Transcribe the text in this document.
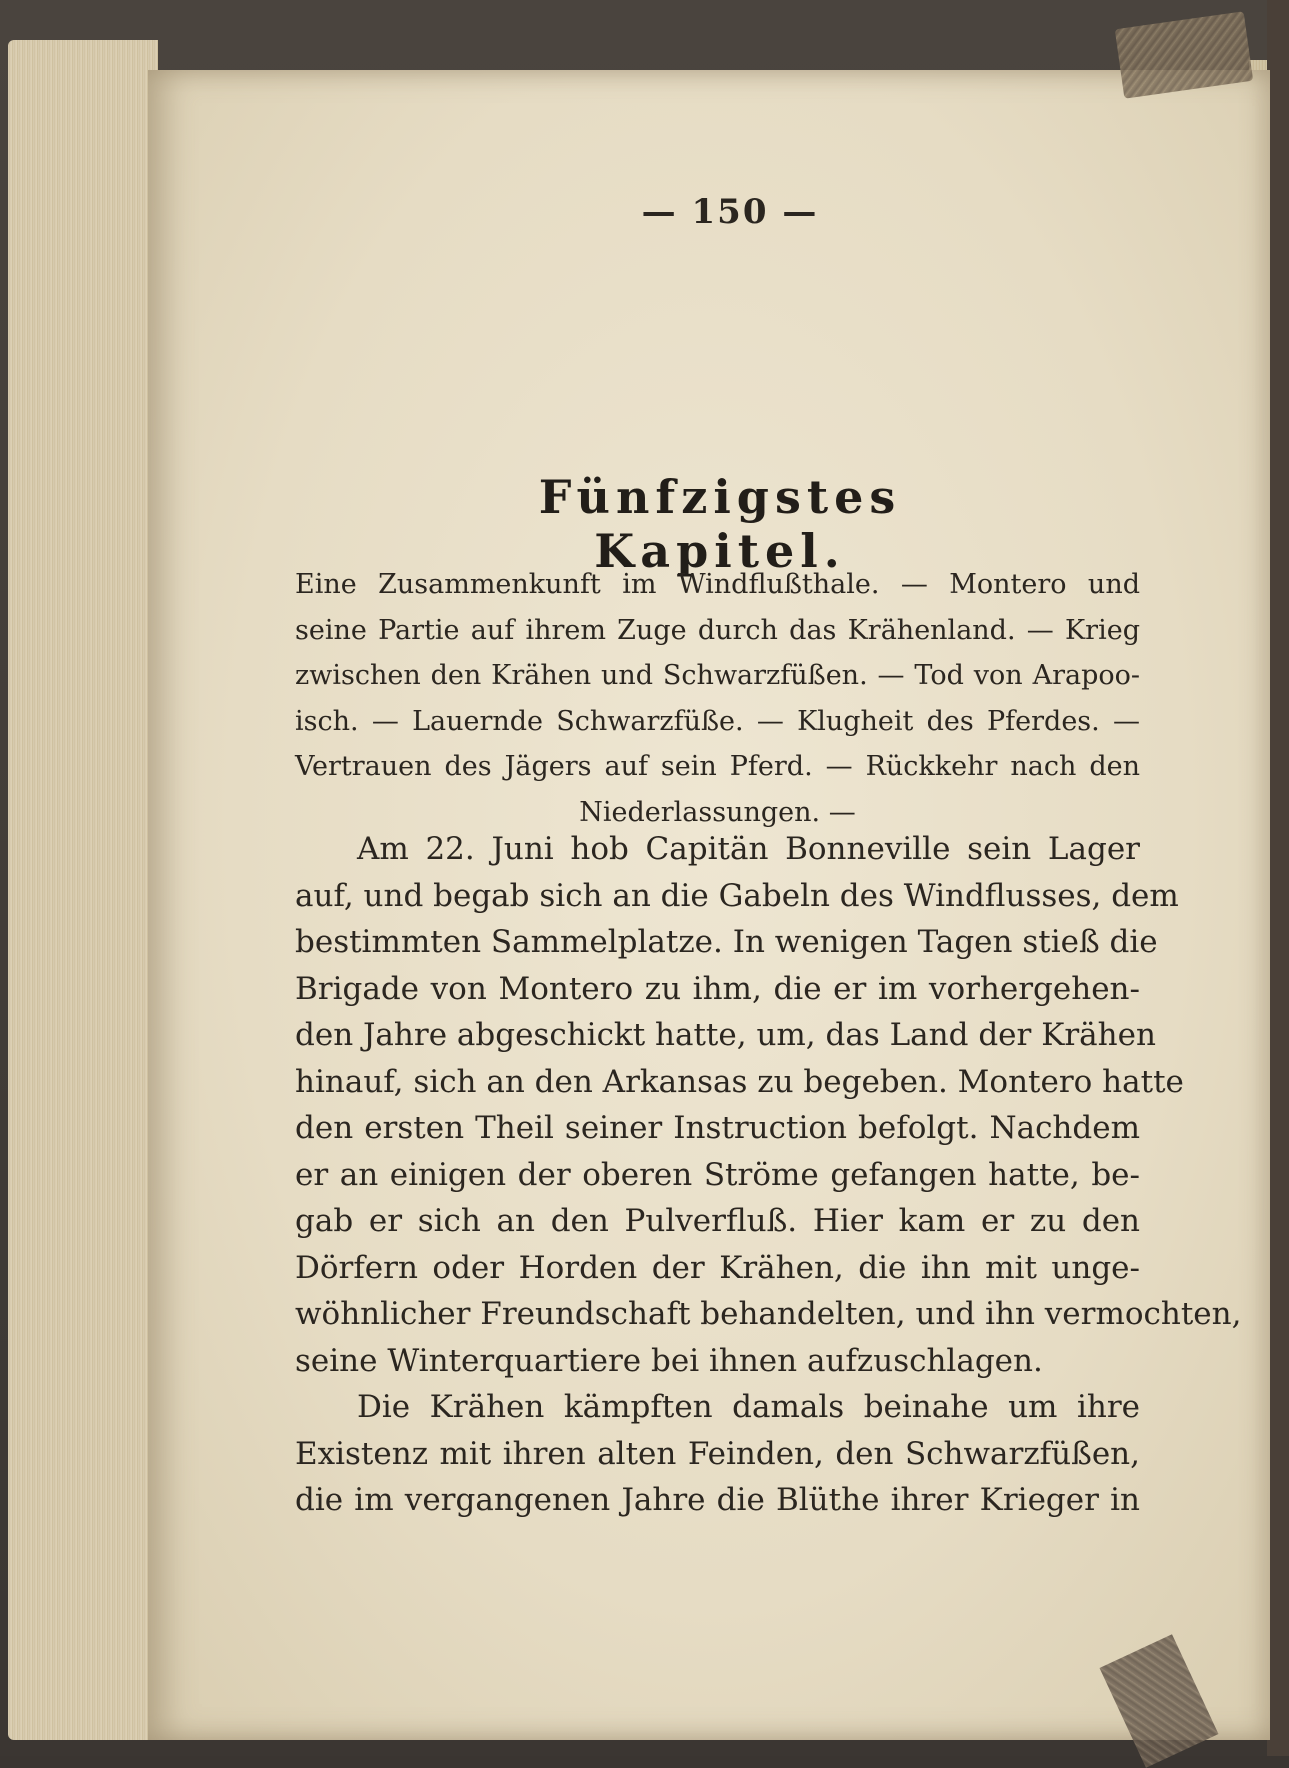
— 150 —
Fünfzigstes Kapitel.
Eine Zusammenkunft im Windflußthale. — Montero und
seine Partie auf ihrem Zuge durch das Krähenland. — Krieg
zwischen den Krähen und Schwarzfüßen. — Tod von Arapoo-
isch. — Lauernde Schwarzfüße. — Klugheit des Pferdes. —
Vertrauen des Jägers auf sein Pferd. — Rückkehr nach den
Niederlassungen. —
Am 22. Juni hob Capitän Bonneville sein Lager
auf, und begab sich an die Gabeln des Windflusses, dem
bestimmten Sammelplatze. In wenigen Tagen stieß die
Brigade von Montero zu ihm, die er im vorhergehen-
den Jahre abgeschickt hatte, um, das Land der Krähen
hinauf, sich an den Arkansas zu begeben. Montero hatte
den ersten Theil seiner Instruction befolgt. Nachdem
er an einigen der oberen Ströme gefangen hatte, be-
gab er sich an den Pulverfluß. Hier kam er zu den
Dörfern oder Horden der Krähen, die ihn mit unge-
wöhnlicher Freundschaft behandelten, und ihn vermochten,
seine Winterquartiere bei ihnen aufzuschlagen.
Die Krähen kämpften damals beinahe um ihre
Existenz mit ihren alten Feinden, den Schwarzfüßen,
die im vergangenen Jahre die Blüthe ihrer Krieger in
